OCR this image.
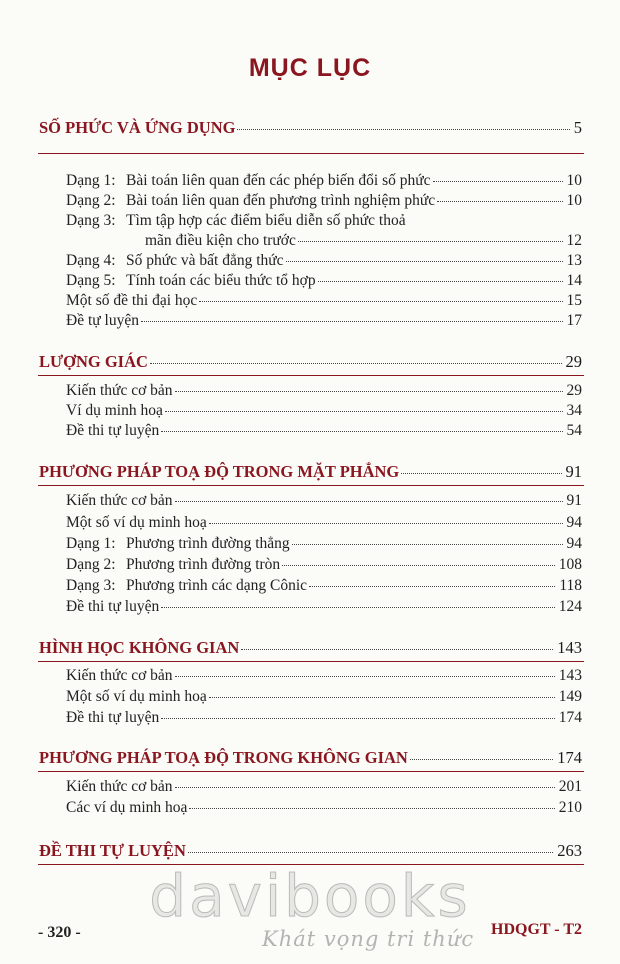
MỤC LỤC
SỐ PHỨC VÀ ỨNG DỤNG	5
Dạng 1: Bài toán liên quan đến các phép biến đổi số phức	10
Dạng 2: Bài toán liên quan đến phương trình nghiệm phức	10
Dạng 3: Tìm tập hợp các điểm biểu diễn số phức thoả
mãn điều kiện cho trước	12
Dạng 4: Số phức và bất đẳng thức	13
Dạng 5: Tính toán các biểu thức tổ hợp	14
Một số đề thi đại học	15
Đề tự luyện	17
LƯỢNG GIÁC	29
Kiến thức cơ bản	29
Ví dụ minh hoạ	34
Đề thi tự luyện	54
PHƯƠNG PHÁP TOẠ ĐỘ TRONG MẶT PHẲNG	91
Kiến thức cơ bản	91
Một số ví dụ minh hoạ	94
Dạng 1: Phương trình đường thẳng	94
Dạng 2: Phương trình đường tròn	108
Dạng 3: Phương trình các dạng Cônic	118
Đề thi tự luyện	124
HÌNH HỌC KHÔNG GIAN	143
Kiến thức cơ bản	143
Một số ví dụ minh hoạ	149
Đề thi tự luyện	174
PHƯƠNG PHÁP TOẠ ĐỘ TRONG KHÔNG GIAN	174
Kiến thức cơ bản	201
Các ví dụ minh hoạ	210
ĐỀ THI TỰ LUYỆN	263
davibooks
Khát vọng tri thức
- 320 -	HDQGT - T2
